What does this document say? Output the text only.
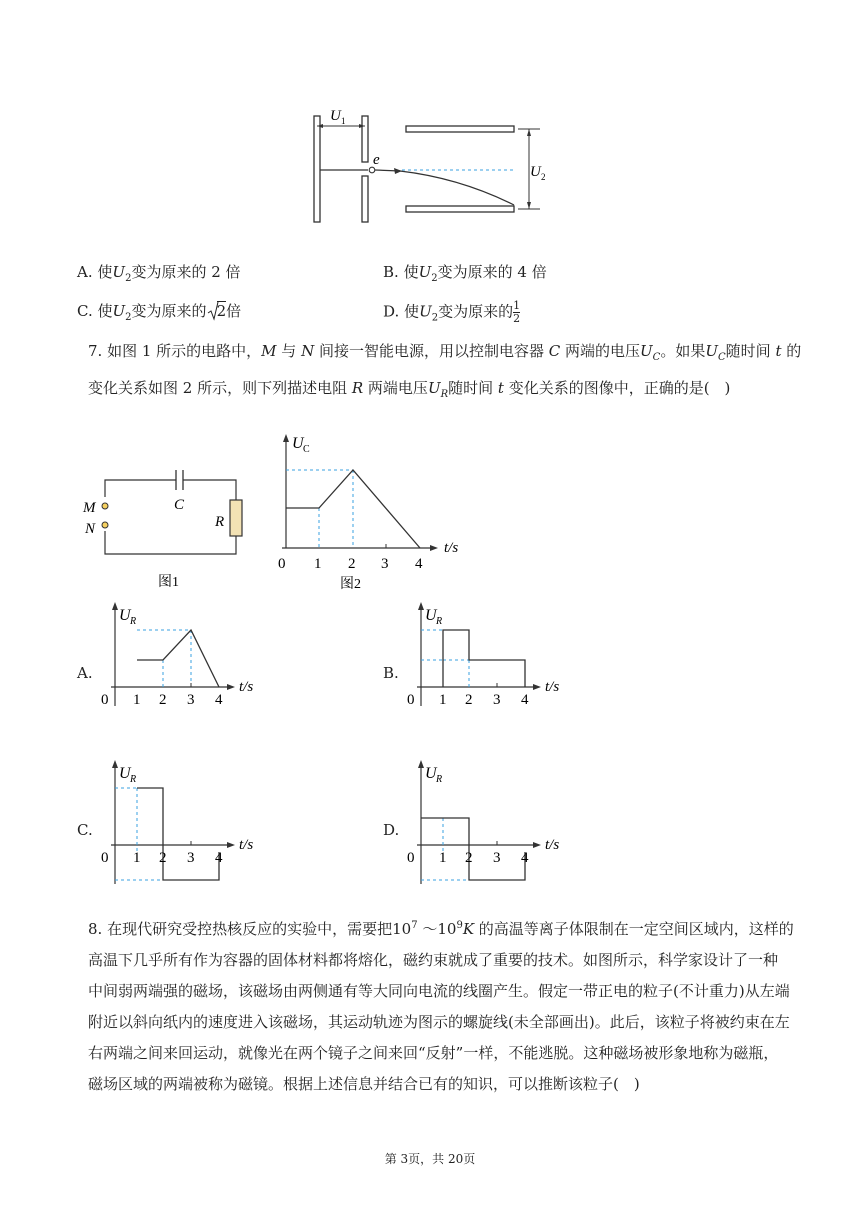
U 1
e
U 2
A. 使$U_2$变为原来的 2 倍	B. 使$U_2$变为原来的 4 倍
C. 使$U_2$变为原来的 2倍	D. 使$U_2$变为原来的 $\frac{1}{2}$
7. 如图 1 所示的电路中，M 与 N 间接一智能电源，用以控制电容器 C 两端的电压$U_C$。如果$U_C$随时间 t 的
变化关系如图 2 所示，则下列描述电阻 R 两端电压$U_R$随时间 t 变化关系的图像中，正确的是(　)
M
N
C
R
图1
U C
t/s
0 1 2 3 4
图2
A.	B.
C.	D.
U R
t/s
0 1 2 3 4
U R
t/s
0 1 2 3 4
U R
t/s
0 1 2 3 4
U R
t/s
0 1 2 3 4
8. 在现代研究受控热核反应的实验中，需要把$10^7$ $\sim 10^9K$ 的高温等离子体限制在一定空间区域内，这样的
高温下几乎所有作为容器的固体材料都将熔化，磁约束就成了重要的技术。如图所示，科学家设计了一种
中间弱两端强的磁场，该磁场由两侧通有等大同向电流的线圈产生。假定一带正电的粒子(不计重力)从左端
附近以斜向纸内的速度进入该磁场，其运动轨迹为图示的螺旋线(未全部画出)。此后，该粒子将被约束在左
右两端之间来回运动，就像光在两个镜子之间来回“反射”一样，不能逃脱。这种磁场被形象地称为磁瓶，
磁场区域的两端被称为磁镜。根据上述信息并结合已有的知识，可以推断该粒子(　)
第 3页，共 20页
